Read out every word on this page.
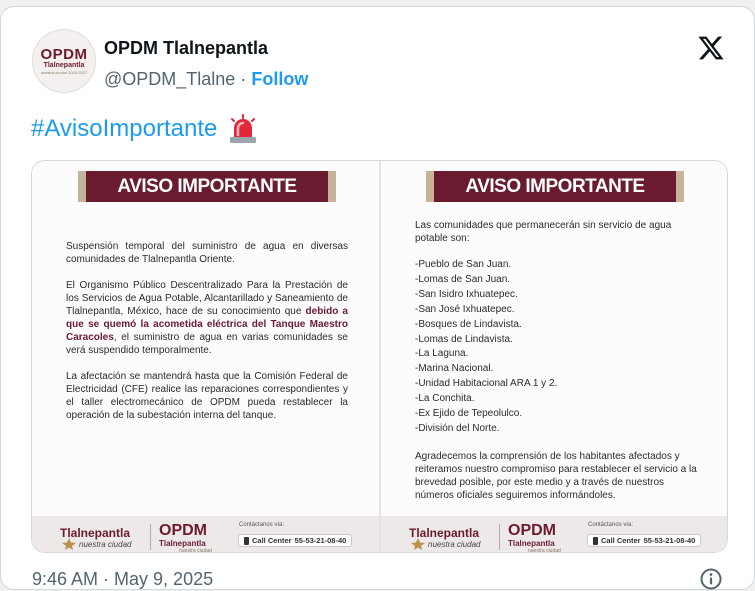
OPDM
Tlalnepantla
nuestra ciudad 2025·2027
OPDM Tlalnepantla
@OPDM_Tlalne · Follow
#AvisoImportante
AVISO IMPORTANTE

Suspensión temporal del suministro de agua en diversas comunidades de Tlalnepantla Oriente.

El Organismo Público Descentralizado Para la Prestación de los Servicios de Agua Potable, Alcantarillado y Saneamiento de Tlalnepantla, México, hace de su conocimiento que debido a que se quemó la acometida eléctrica del Tanque Maestro Caracoles, el suministro de agua en varias comunidades se verá suspendido temporalmente.

La afectación se mantendrá hasta que la Comisión Federal de Electricidad (CFE) realice las reparaciones correspondientes y el taller electromecánico de OPDM pueda restablecer la operación de la subestación interna del tanque.

Tlalnepantla
nuestra ciudad
OPDM
Tlalnepantla
nuestra ciudad
Contáctanos vía:
Call Center 55-53-21-08-40
AVISO IMPORTANTE

Las comunidades que permanecerán sin servicio de agua potable son:

-Pueblo de San Juan.
-Lomas de San Juan.
-San Isidro Ixhuatepec.
-San José Ixhuatepec.
-Bosques de Lindavista.
-Lomas de Lindavista.
-La Laguna.
-Marina Nacional.
-Unidad Habitacional ARA 1 y 2.
-La Conchita.
-Ex Ejido de Tepeolulco.
-División del Norte.

Agradecemos la comprensión de los habitantes afectados y reiteramos nuestro compromiso para restablecer el servicio a la brevedad posible, por este medio y a través de nuestros números oficiales seguiremos informándoles.

Tlalnepantla
nuestra ciudad
OPDM
Tlalnepantla
nuestra ciudad
Contáctanos vía:
Call Center 55-53-21-08-40
9:46 AM · May 9, 2025
